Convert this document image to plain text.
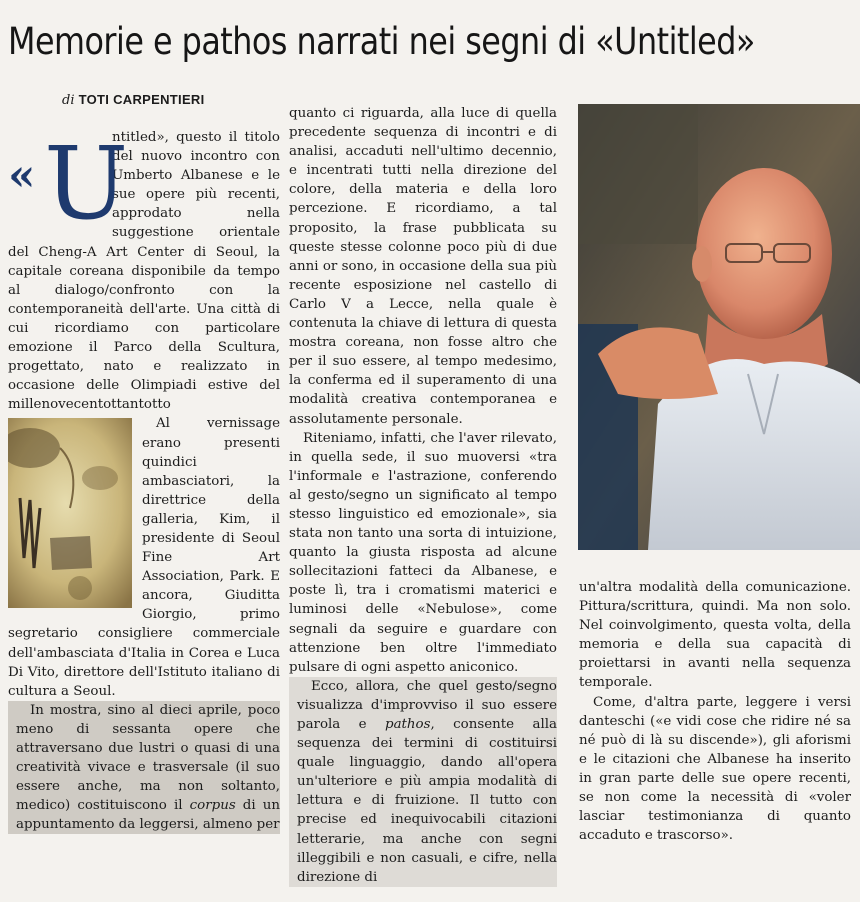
Memorie e pathos narrati nei segni di «Untitled»
di TOTI CARPENTIERI
« U

ntitled», questo il titolo del nuovo incontro con Umberto Albanese e le sue opere più recenti, approdato nella suggestione orientale del Cheng-A Art Center di Seoul, la capitale coreana disponibile da tempo al dialogo/confronto con la contemporaneità dell'arte. Una città di cui ricordiamo con particolare emozione il Parco della Scultura, progettato, nato e realizzato in occasione delle Olimpiadi estive del millenovecentottantotto

Al vernissage erano presenti quindici ambasciatori, la direttrice della galleria, Kim, il presidente di Seoul Fine Art Association, Park. E ancora, Giuditta Giorgio, primo segretario consigliere commerciale dell'ambasciata d'Italia in Corea e Luca Di Vito, direttore dell'Istituto italiano di cultura a Seoul.

In mostra, sino al dieci aprile, poco meno di sessanta opere che attraversano due lustri o quasi di una creatività vivace e trasversale (il suo essere anche, ma non soltanto, medico) costituiscono il corpus di un appuntamento da leggersi, almeno per

quanto ci riguarda, alla luce di quella precedente sequenza di incontri e di analisi, accaduti nell'ultimo decennio, e incentrati tutti nella direzione del colore, della materia e della loro percezione. E ricordiamo, a tal proposito, la frase pubblicata su queste stesse colonne poco più di due anni or sono, in occasione della sua più recente esposizione nel castello di Carlo V a Lecce, nella quale è contenuta la chiave di lettura di questa mostra coreana, non fosse altro che per il suo essere, al tempo medesimo, la conferma ed il superamento di una modalità creativa contemporanea e assolutamente personale.

Riteniamo, infatti, che l'aver rilevato, in quella sede, il suo muoversi «tra l'informale e l'astrazione, conferendo al gesto/segno un significato al tempo stesso linguistico ed emozionale», sia stata non tanto una sorta di intuizione, quanto la giusta risposta ad alcune sollecitazioni fatteci da Albanese, e poste lì, tra i cromatismi materici e luminosi delle «Nebulose», come segnali da seguire e guardare con attenzione ben oltre l'immediato pulsare di ogni aspetto aniconico.

Ecco, allora, che quel gesto/segno visualizza d'improvviso il suo essere parola e pathos, consente alla sequenza dei termini di costituirsi quale linguaggio, dando all'opera un'ulteriore e più ampia modalità di lettura e di fruizione. Il tutto con precise ed inequivocabili citazioni letterarie, ma anche con segni illeggibili e non casuali, e cifre, nella direzione di

un'altra modalità della comunicazione. Pittura/scrittura, quindi. Ma non solo. Nel coinvolgimento, questa volta, della memoria e della sua capacità di proiettarsi in avanti nella sequenza temporale.

Come, d'altra parte, leggere i versi danteschi («e vidi cose che ridire né sa né può di là su discende»), gli aforismi e le citazioni che Albanese ha inserito in gran parte delle sue opere recenti, se non come la necessità di «voler lasciar testimonianza di quanto accaduto e trascorso».
